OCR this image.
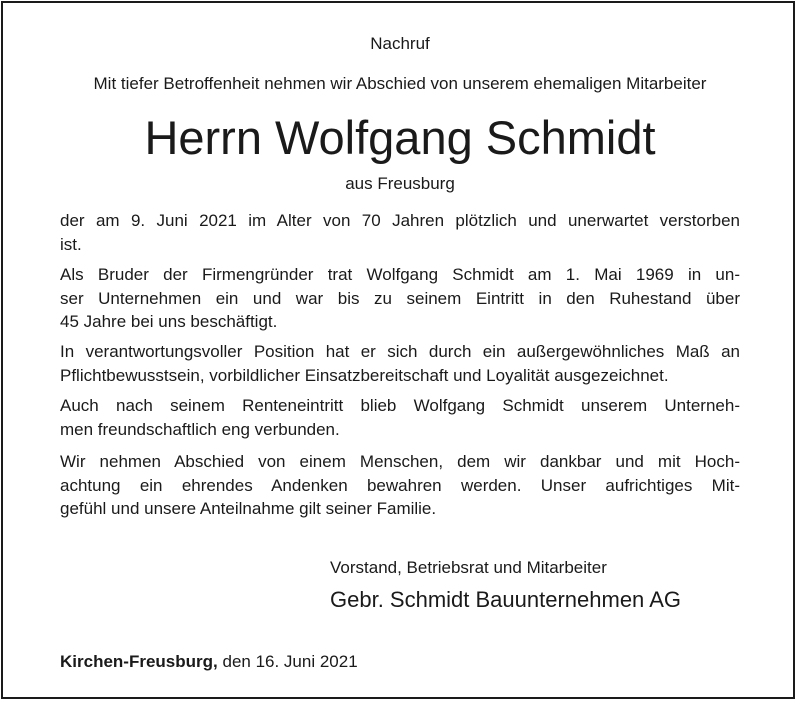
Nachruf
Mit tiefer Betroffenheit nehmen wir Abschied von unserem ehemaligen Mitarbeiter
Herrn Wolfgang Schmidt
aus Freusburg
der am 9. Juni 2021 im Alter von 70 Jahren plötzlich und unerwartet verstorben
ist.
Als Bruder der Firmengründer trat Wolfgang Schmidt am 1. Mai 1969 in un-
ser Unternehmen ein und war bis zu seinem Eintritt in den Ruhestand über
45 Jahre bei uns beschäftigt.
In verantwortungsvoller Position hat er sich durch ein außergewöhnliches Maß an
Pflichtbewusstsein, vorbildlicher Einsatzbereitschaft und Loyalität ausgezeichnet.
Auch nach seinem Renteneintritt blieb Wolfgang Schmidt unserem Unterneh-
men freundschaftlich eng verbunden.
Wir nehmen Abschied von einem Menschen, dem wir dankbar und mit Hoch-
achtung ein ehrendes Andenken bewahren werden. Unser aufrichtiges Mit-
gefühl und unsere Anteilnahme gilt seiner Familie.
Vorstand, Betriebsrat und Mitarbeiter
Gebr. Schmidt Bauunternehmen AG
Kirchen-Freusburg, den 16. Juni 2021
